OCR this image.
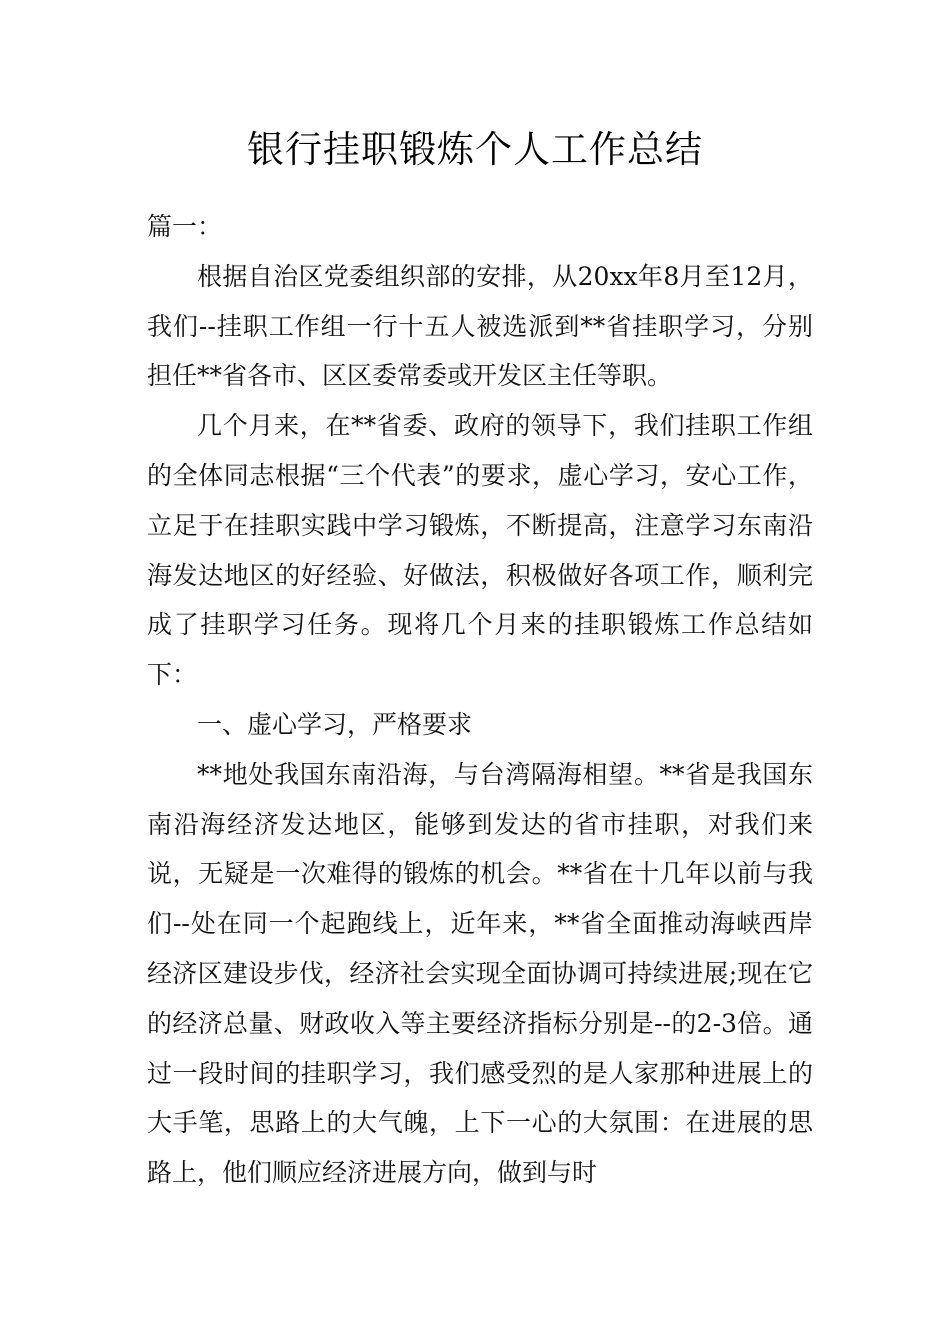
银行挂职锻炼个人工作总结

篇一：

根据自治区党委组织部的安排，从20xx年8月至12月，我们--挂职工作组一行十五人被选派到**省挂职学习，分别担任**省各市、区区委常委或开发区主任等职。

几个月来，在**省委、政府的领导下，我们挂职工作组的全体同志根据“三个代表”的要求，虚心学习，安心工作，立足于在挂职实践中学习锻炼，不断提高，注意学习东南沿海发达地区的好经验、好做法，积极做好各项工作，顺利完成了挂职学习任务。现将几个月来的挂职锻炼工作总结如下：

一、虚心学习，严格要求

**地处我国东南沿海，与台湾隔海相望。**省是我国东南沿海经济发达地区，能够到发达的省市挂职，对我们来说，无疑是一次难得的锻炼的机会。**省在十几年以前与我们--处在同一个起跑线上，近年来，**省全面推动海峡西岸经济区建设步伐，经济社会实现全面协调可持续进展;现在它的经济总量、财政收入等主要经济指标分别是--的2-3倍。通过一段时间的挂职学习，我们感受烈的是人家那种进展上的大手笔，思路上的大气魄，上下一心的大氛围：在进展的思路上，他们顺应经济进展方向，做到与时
